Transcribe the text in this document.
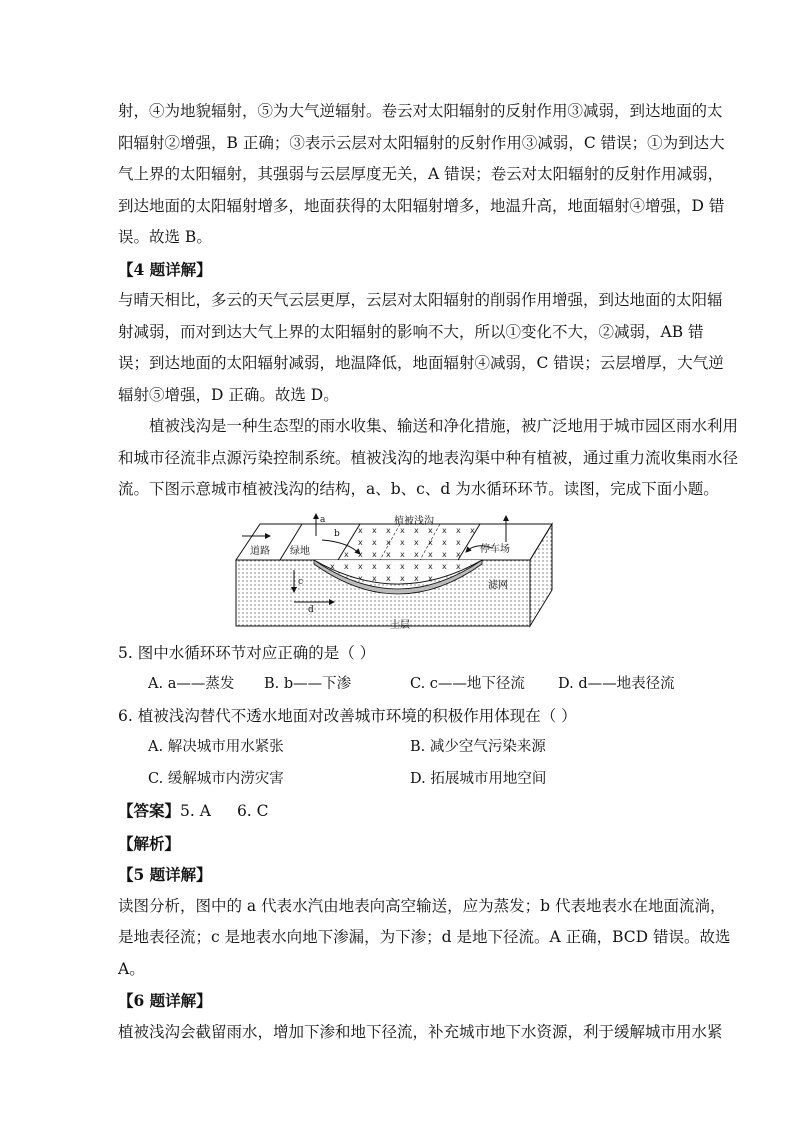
射，④为地貌辐射，⑤为大气逆辐射。卷云对太阳辐射的反射作用③减弱，到达地面的太
阳辐射②增强，B 正确；③表示云层对太阳辐射的反射作用③减弱，C 错误；①为到达大
气上界的太阳辐射，其强弱与云层厚度无关，A 错误；卷云对太阳辐射的反射作用减弱，
到达地面的太阳辐射增多，地面获得的太阳辐射增多，地温升高，地面辐射④增强，D 错
误。故选 B。
【4 题详解】
与晴天相比，多云的天气云层更厚，云层对太阳辐射的削弱作用增强，到达地面的太阳辐
射减弱，而对到达大气上界的太阳辐射的影响不大，所以①变化不大，②减弱，AB 错
误；到达地面的太阳辐射减弱，地温降低，地面辐射④减弱，C 错误；云层增厚，大气逆
辐射⑤增强，D 正确。故选 D。
植被浅沟是一种生态型的雨水收集、输送和净化措施，被广泛地用于城市园区雨水利用
和城市径流非点源污染控制系统。植被浅沟的地表沟渠中种有植被，通过重力流收集雨水径
流。下图示意城市植被浅沟的结构，a、b、c、d 为水循环环节。读图，完成下面小题。
道路 绿地
植被浅沟
停车场
滤网
土层
a
b
c
d
5. 图中水循环环节对应正确的是（ ）
A. a——蒸发 B. b——下渗	C. c——地下径流 D. d——地表径流
6. 植被浅沟替代不透水地面对改善城市环境的积极作用体现在（ ）
A. 解决城市用水紧张	B. 减少空气污染来源
C. 缓解城市内涝灾害	D. 拓展城市用地空间
【答案】5. A 6. C
【解析】
【5 题详解】
读图分析，图中的 a 代表水汽由地表向高空输送，应为蒸发；b 代表地表水在地面流淌，
是地表径流；c 是地表水向地下渗漏，为下渗；d 是地下径流。A 正确，BCD 错误。故选
A。
【6 题详解】
植被浅沟会截留雨水，增加下渗和地下径流，补充城市地下水资源，利于缓解城市用水紧
